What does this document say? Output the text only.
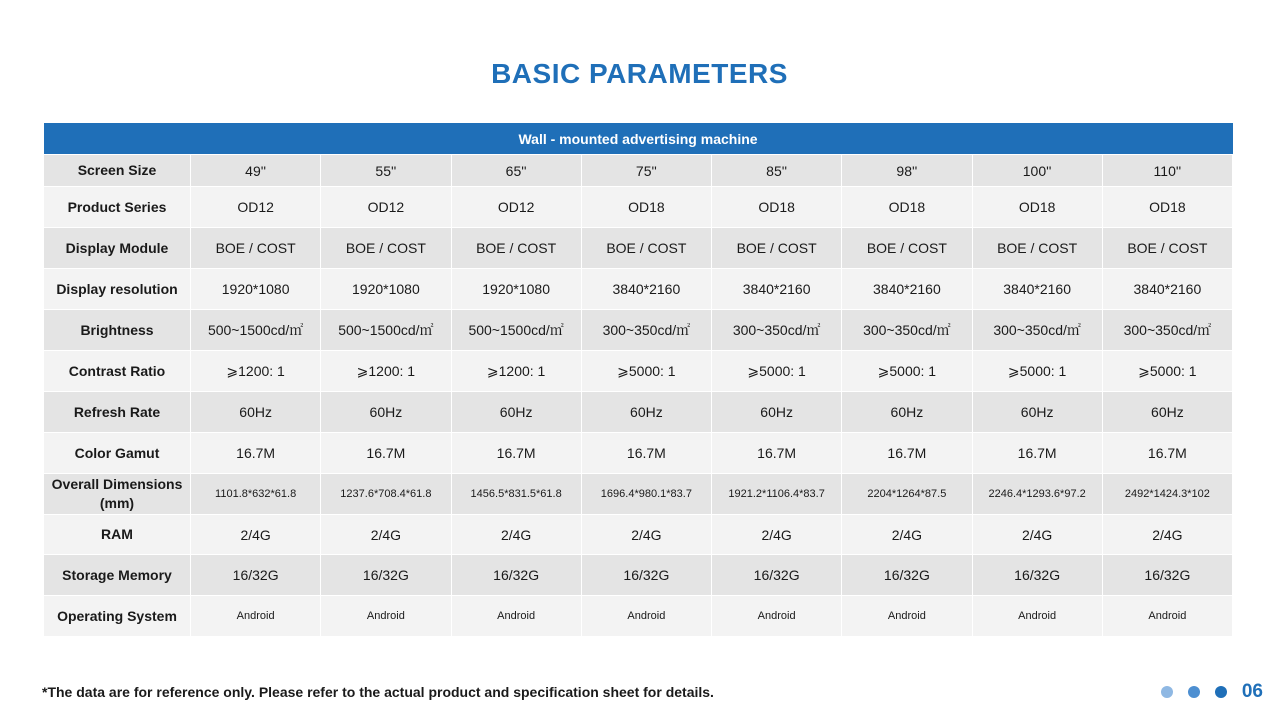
BASIC PARAMETERS
Wall - mounted advertising machine								
Screen Size	49''	55''	65''	75''	85''	98''	100''	110''
Product Series	OD12	OD12	OD12	OD18	OD18	OD18	OD18	OD18
Display Module	BOE / COST	BOE / COST	BOE / COST	BOE / COST	BOE / COST	BOE / COST	BOE / COST	BOE / COST
Display resolution	1920*1080	1920*1080	1920*1080	3840*2160	3840*2160	3840*2160	3840*2160	3840*2160
Brightness	500~1500cd/㎡	500~1500cd/㎡	500~1500cd/㎡	300~350cd/㎡	300~350cd/㎡	300~350cd/㎡	300~350cd/㎡	300~350cd/㎡
Contrast Ratio	⩾1200: 1	⩾1200: 1	⩾1200: 1	⩾5000: 1	⩾5000: 1	⩾5000: 1	⩾5000: 1	⩾5000: 1
Refresh Rate	60Hz	60Hz	60Hz	60Hz	60Hz	60Hz	60Hz	60Hz
Color Gamut	16.7M	16.7M	16.7M	16.7M	16.7M	16.7M	16.7M	16.7M
Overall Dimensions (mm)	1101.8*632*61.8	1237.6*708.4*61.8	1456.5*831.5*61.8	1696.4*980.1*83.7	1921.2*1106.4*83.7	2204*1264*87.5	2246.4*1293.6*97.2	2492*1424.3*102
RAM	2/4G	2/4G	2/4G	2/4G	2/4G	2/4G	2/4G	2/4G
Storage Memory	16/32G	16/32G	16/32G	16/32G	16/32G	16/32G	16/32G	16/32G
Operating System	Android	Android	Android	Android	Android	Android	Android	Android
*The data are for reference only. Please refer to the actual product and specification sheet for details.	06
